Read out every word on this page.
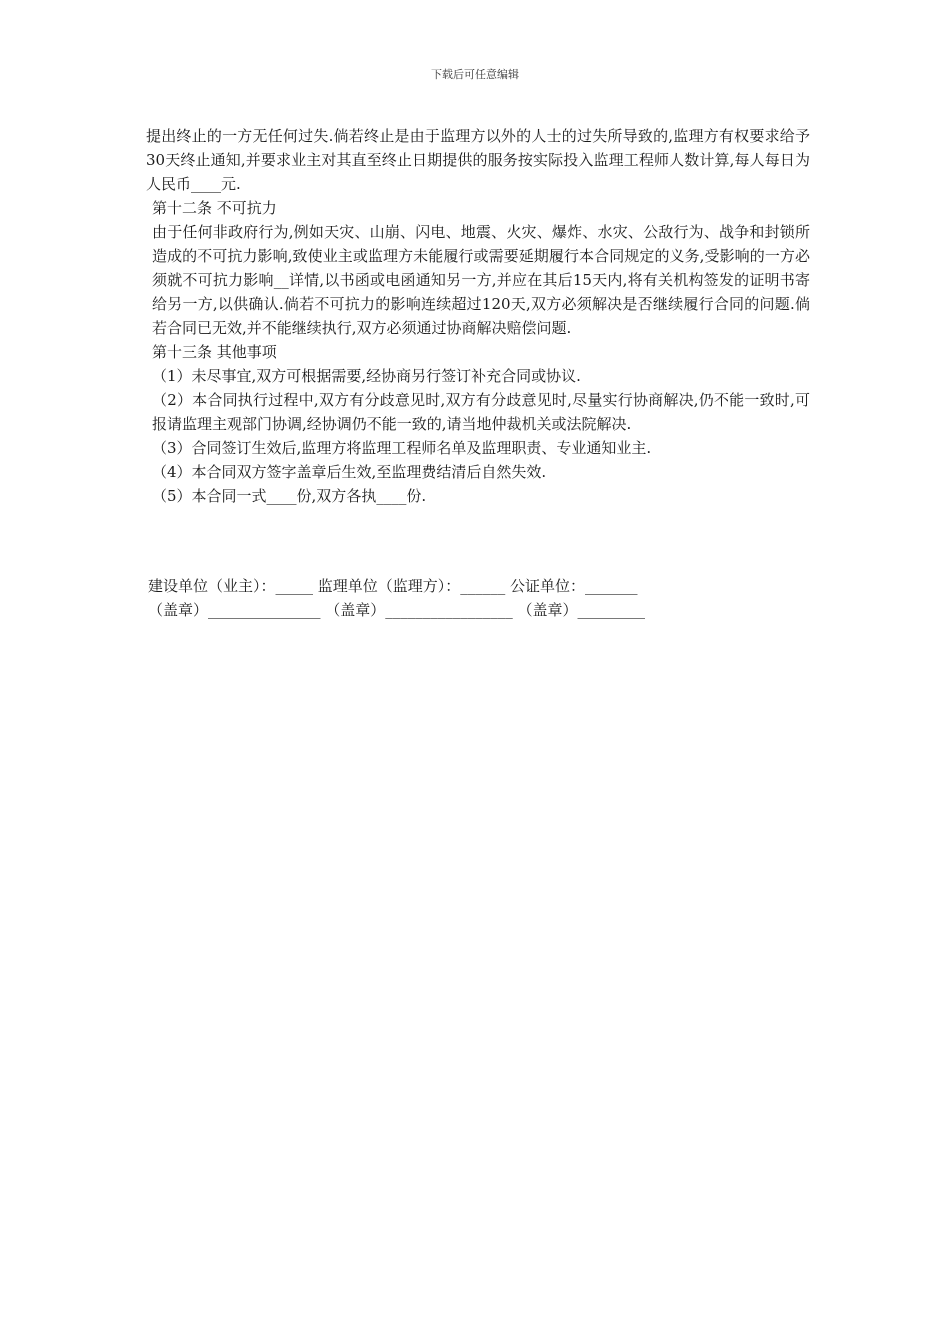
下载后可任意编辑

提出终止的一方无任何过失.倘若终止是由于监理方以外的人士的过失所导致的,监理方有权要求给予30天终止通知,并要求业主对其直至终止日期提供的服务按实际投入监理工程师人数计算,每人每日为人民币____元.

第十二条 不可抗力

由于任何非政府行为,例如天灾、山崩、闪电、地震、火灾、爆炸、水灾、公敌行为、战争和封锁所造成的不可抗力影响,致使业主或监理方未能履行或需要延期履行本合同规定的义务,受影响的一方必须就不可抗力影响__详情,以书函或电函通知另一方,并应在其后15天内,将有关机构签发的证明书寄给另一方,以供确认.倘若不可抗力的影响连续超过120天,双方必须解决是否继续履行合同的问题.倘若合同已无效,并不能继续执行,双方必须通过协商解决赔偿问题.

第十三条 其他事项

（1）未尽事宜,双方可根据需要,经协商另行签订补充合同或协议.

（2）本合同执行过程中,双方有分歧意见时,双方有分歧意见时,尽量实行协商解决,仍不能一致时,可报请监理主观部门协调,经协调仍不能一致的,请当地仲裁机关或法院解决.

（3）合同签订生效后,监理方将监理工程师名单及监理职责、专业通知业主.

（4）本合同双方签字盖章后生效,至监理费结清后自然失效.

（5）本合同一式____份,双方各执____份.

建设单位（业主）：_____ 监理单位（监理方）：______ 公证单位：_______
（盖章）_______________ （盖章）_________________ （盖章）_________
